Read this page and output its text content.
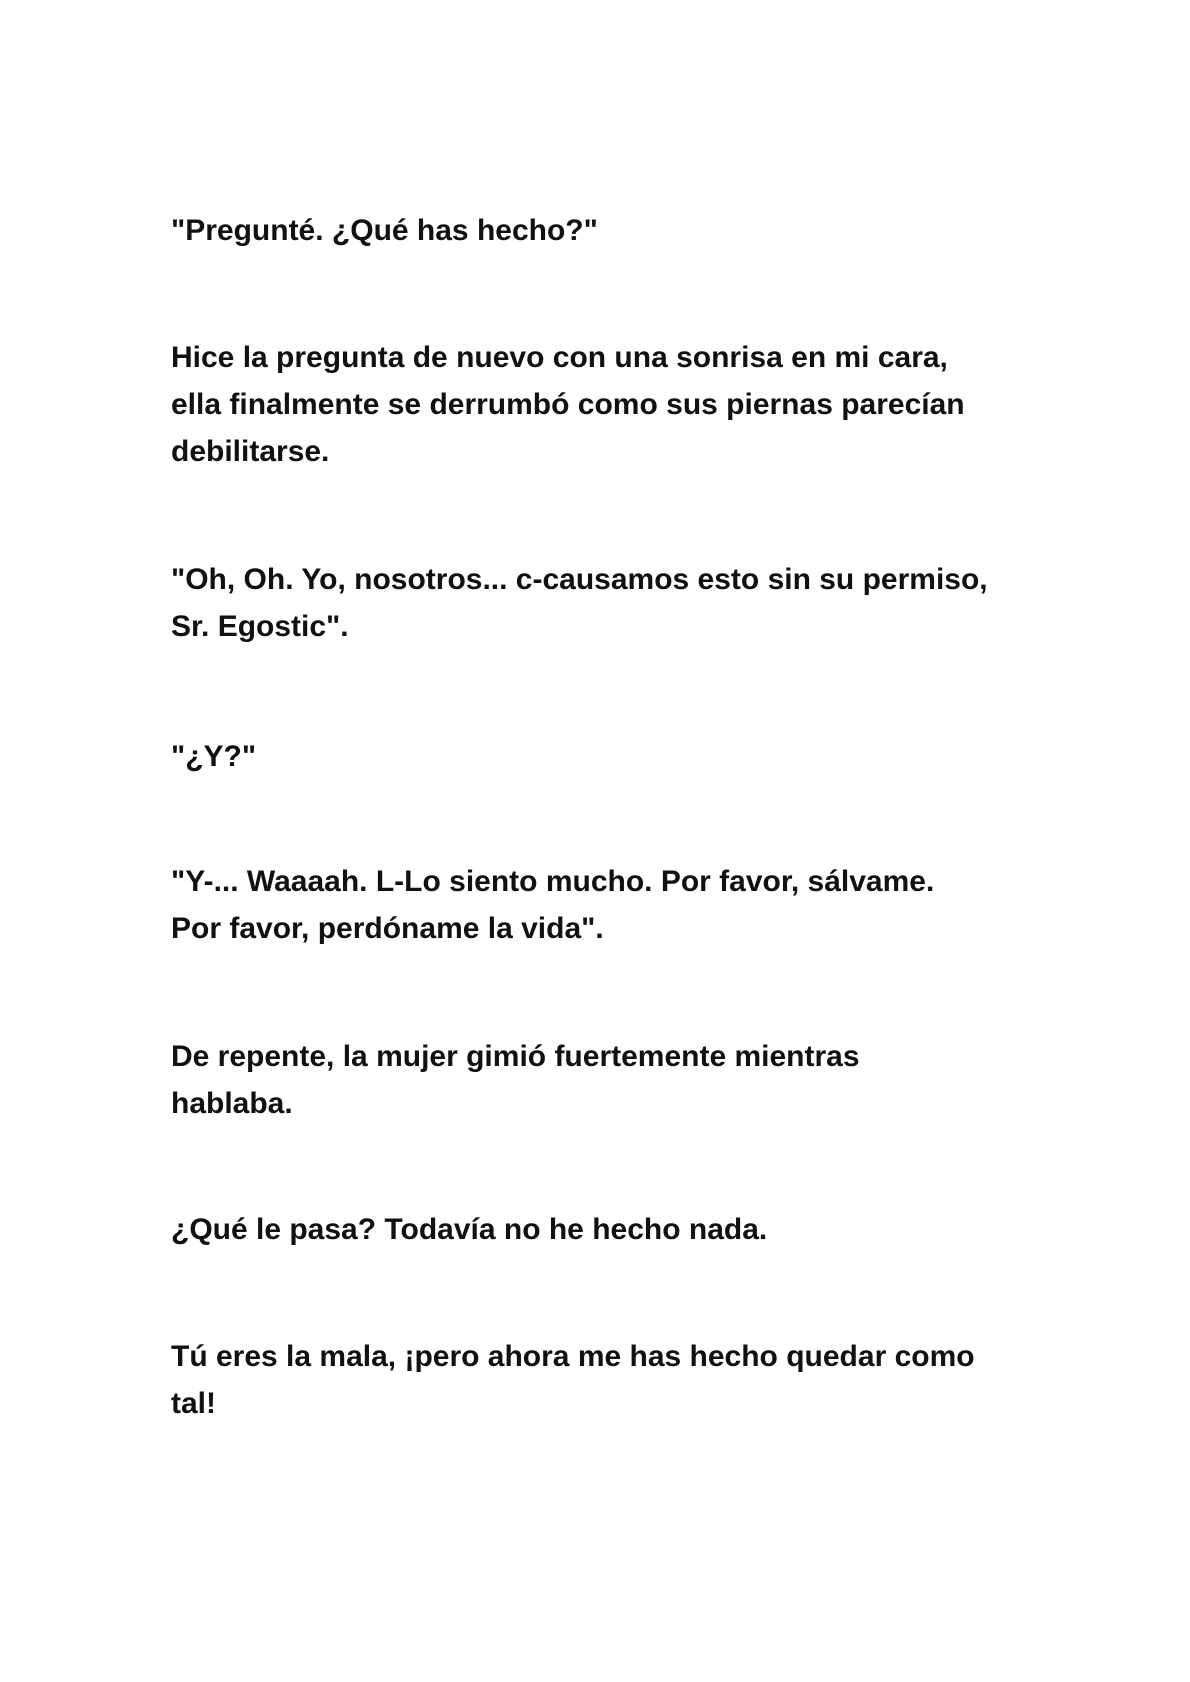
"Pregunté. ¿Qué has hecho?"

Hice la pregunta de nuevo con una sonrisa en mi cara,
ella finalmente se derrumbó como sus piernas parecían
debilitarse.

"Oh, Oh. Yo, nosotros... c-causamos esto sin su permiso,
Sr. Egostic".

"¿Y?"

"Y-... Waaaah. L-Lo siento mucho. Por favor, sálvame.
Por favor, perdóname la vida".

De repente, la mujer gimió fuertemente mientras
hablaba.

¿Qué le pasa? Todavía no he hecho nada.

Tú eres la mala, ¡pero ahora me has hecho quedar como
tal!
